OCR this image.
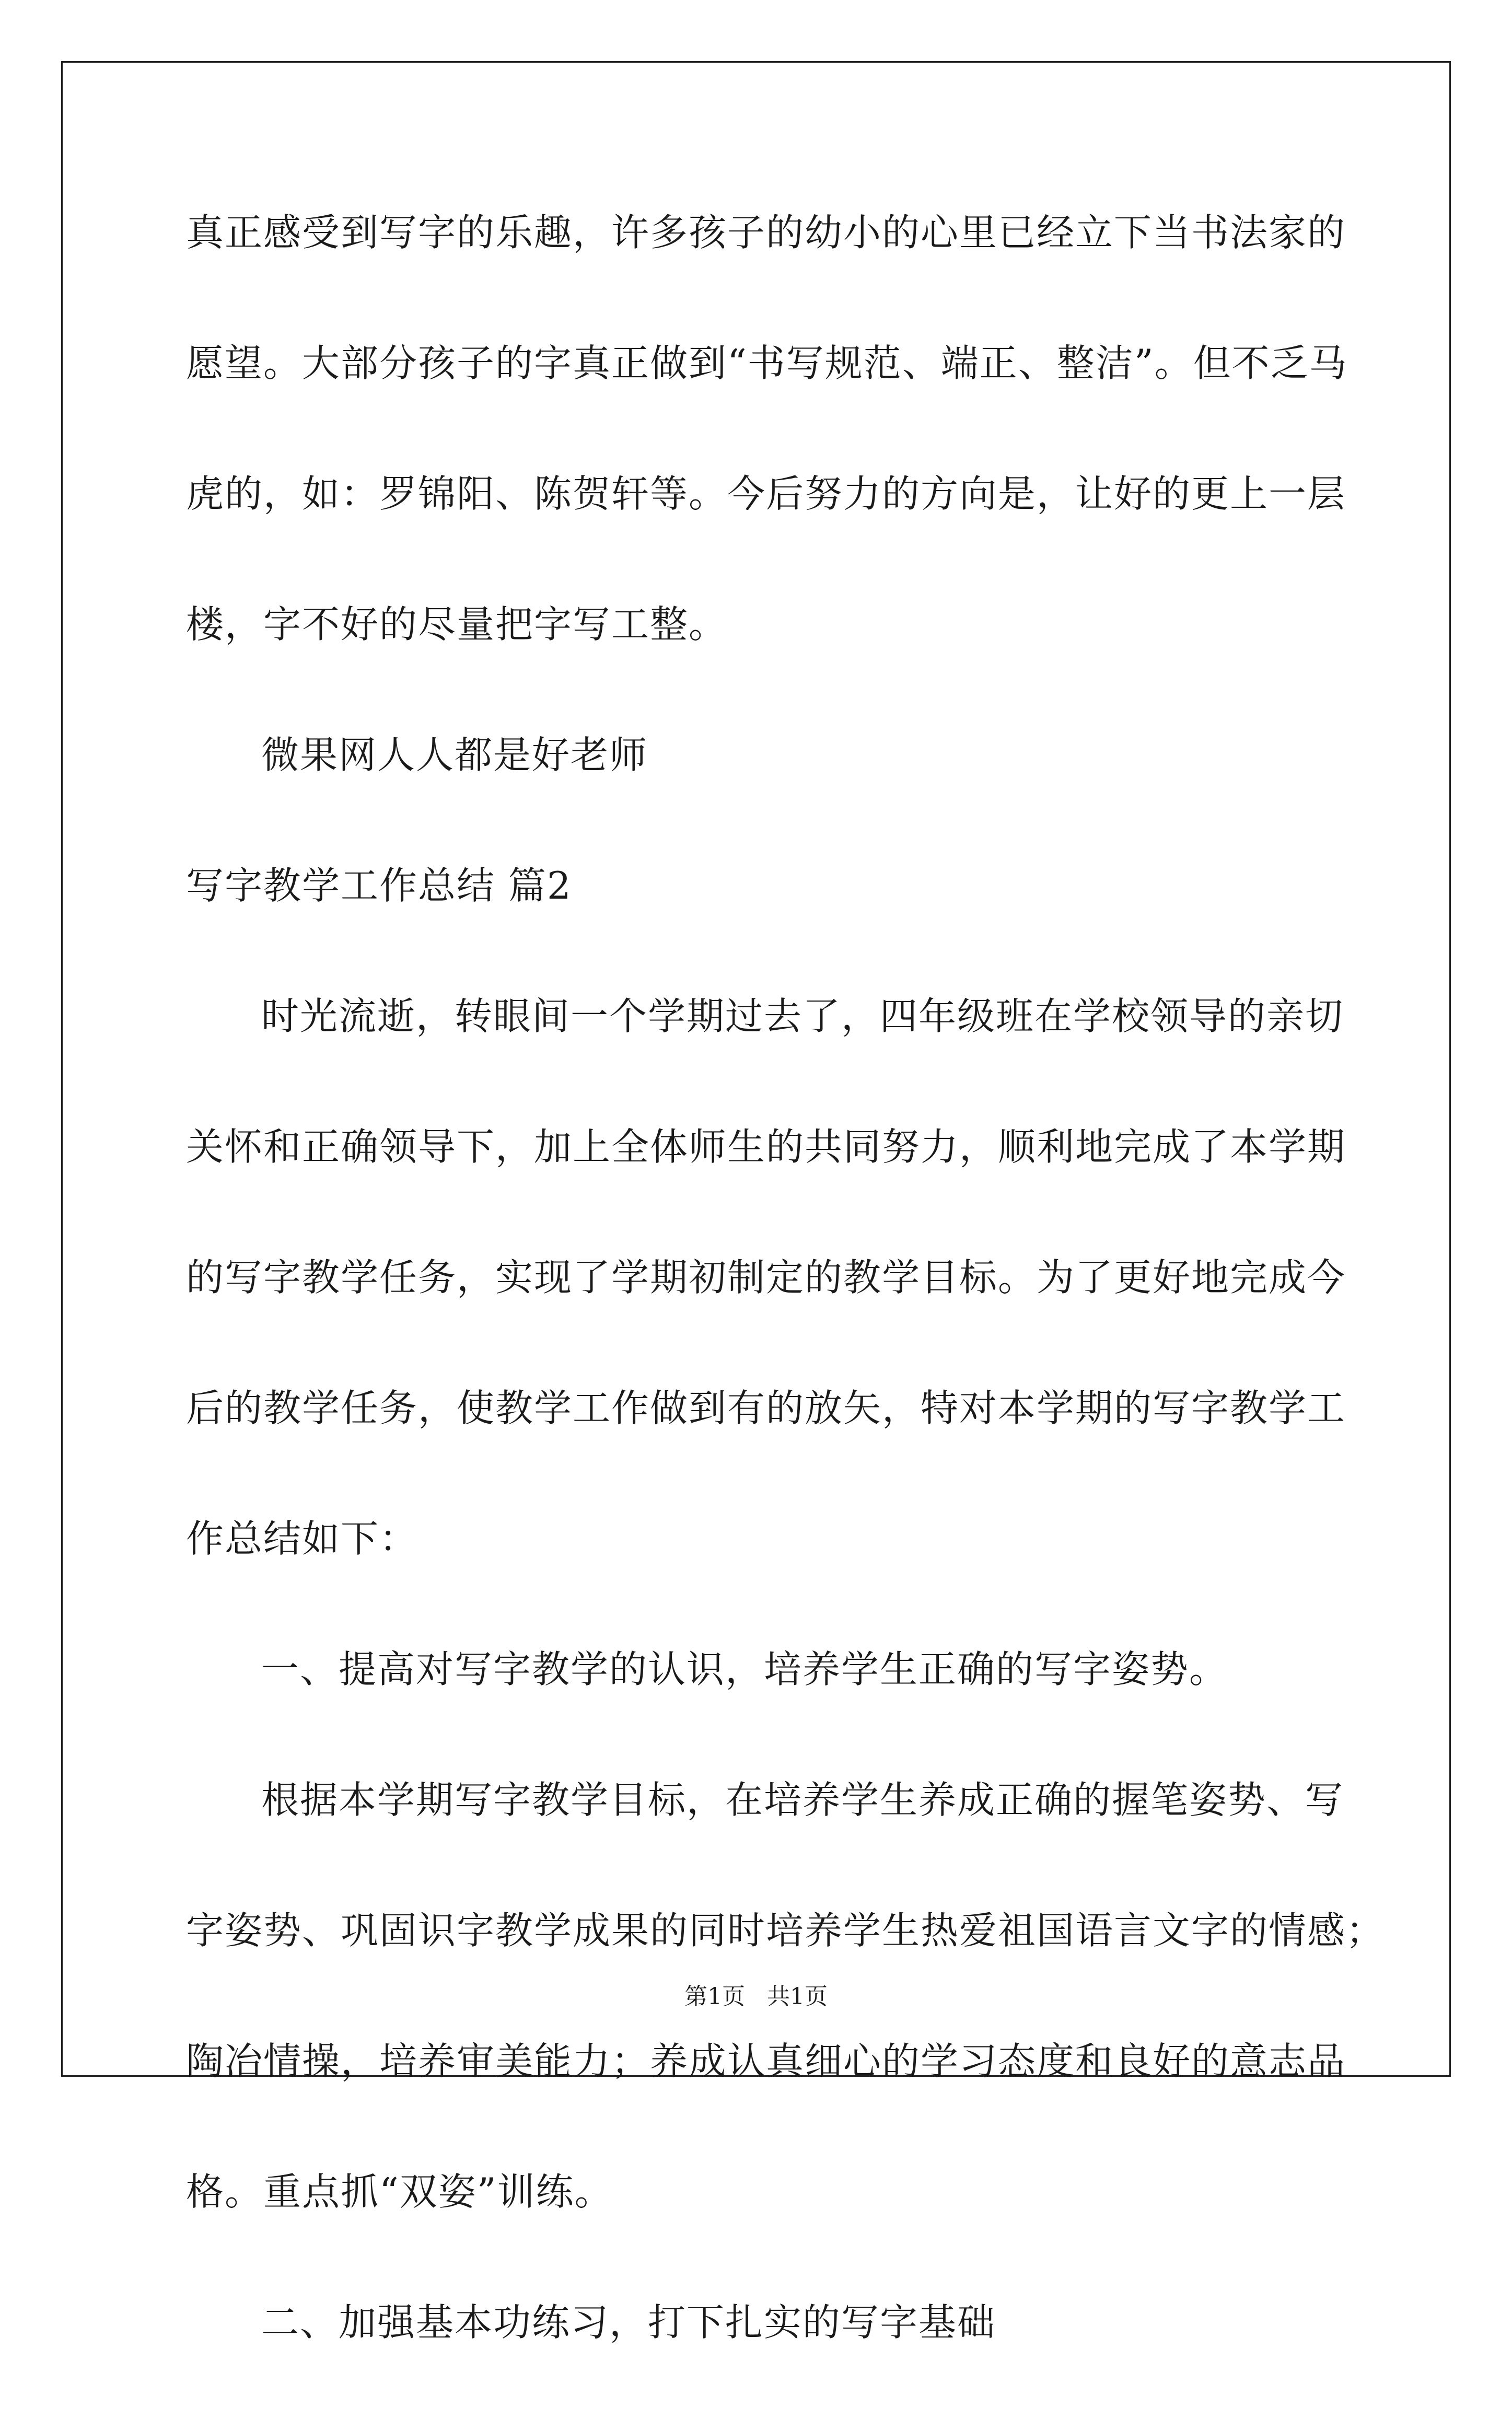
真正感受到写字的乐趣，许多孩子的幼小的心里已经立下当书法家的
愿望。大部分孩子的字真正做到“书写规范、端正、整洁”。但不乏马
虎的，如：罗锦阳、陈贺轩等。今后努力的方向是，让好的更上一层
楼，字不好的尽量把字写工整。
微果网人人都是好老师
写字教学工作总结 篇2
时光流逝，转眼间一个学期过去了，四年级班在学校领导的亲切
关怀和正确领导下，加上全体师生的共同努力，顺利地完成了本学期
的写字教学任务，实现了学期初制定的教学目标。为了更好地完成今
后的教学任务，使教学工作做到有的放矢，特对本学期的写字教学工
作总结如下：
一、提高对写字教学的认识，培养学生正确的写字姿势。
根据本学期写字教学目标，在培养学生养成正确的握笔姿势、写
字姿势、巩固识字教学成果的同时培养学生热爱祖国语言文字的情感；
陶冶情操，培养审美能力；养成认真细心的学习态度和良好的意志品
格。重点抓“双姿”训练。
二、加强基本功练习，打下扎实的写字基础
第1页 共1页
